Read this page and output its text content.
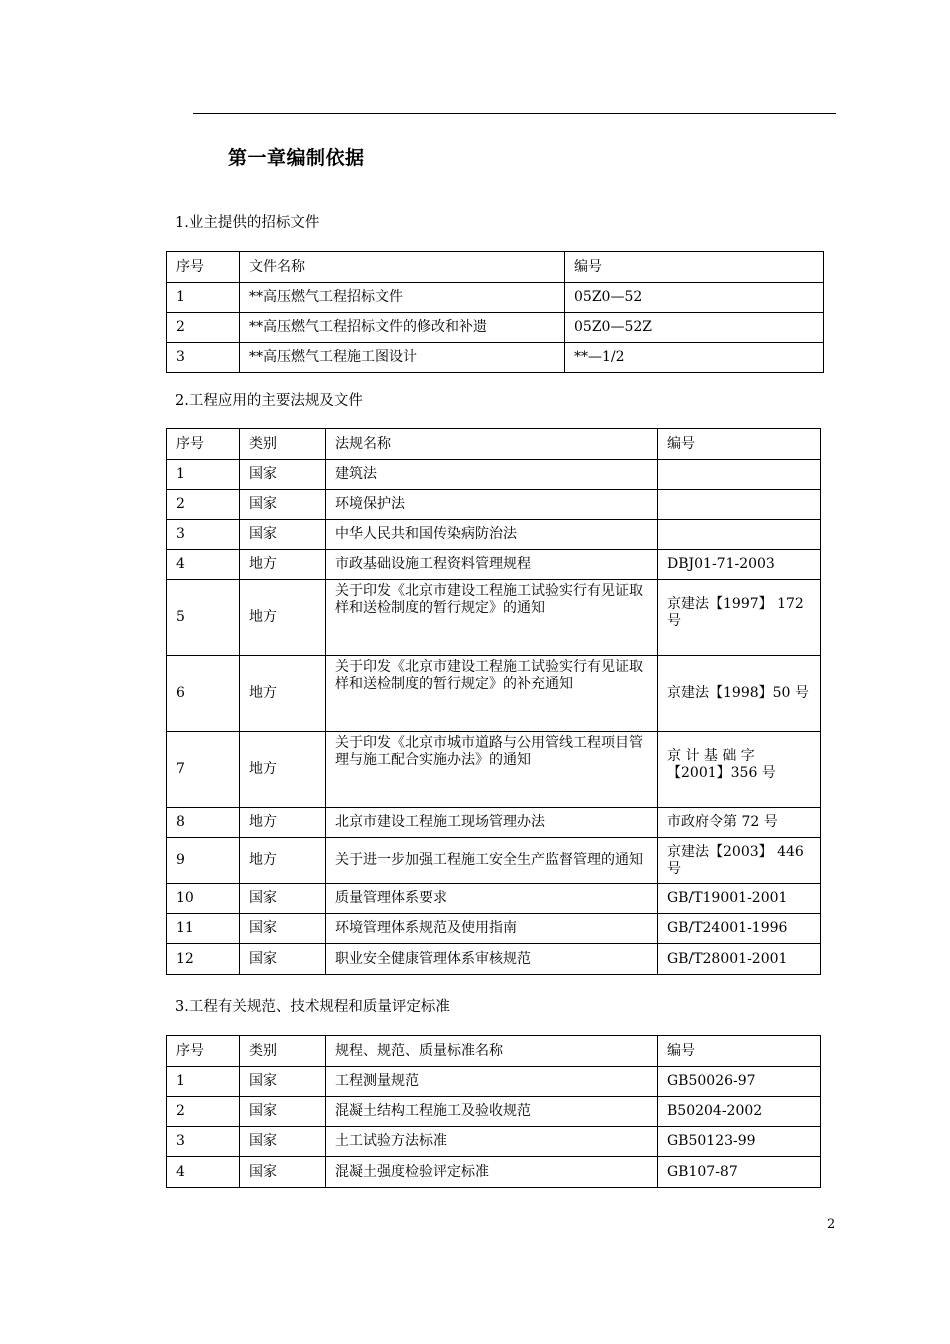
第一章编制依据
1.业主提供的招标文件
序号	文件名称	编号
1	**高压燃气工程招标文件	05Z0—52
2	**高压燃气工程招标文件的修改和补遗	05Z0—52Z
3	**高压燃气工程施工图设计	**—1/2
2.工程应用的主要法规及文件
序号	类别	法规名称	编号
1	国家	建筑法	
2	国家	环境保护法	
3	国家	中华人民共和国传染病防治法	
4	地方	市政基础设施工程资料管理规程	DBJ01-71-2003
5	地方	关于印发《北京市建设工程施工试验实行有见证取样和送检制度的暂行规定》的通知	京建法【1997】 172号
6	地方	关于印发《北京市建设工程施工试验实行有见证取样和送检制度的暂行规定》的补充通知	京建法【1998】50 号
7	地方	关于印发《北京市城市道路与公用管线工程项目管理与施工配合实施办法》的通知	京 计 基 础 字【2001】356 号
8	地方	北京市建设工程施工现场管理办法	市政府令第 72 号
9	地方	关于进一步加强工程施工安全生产监督管理的通知	京建法【2003】 446号
10	国家	质量管理体系要求	GB/T19001-2001
11	国家	环境管理体系规范及使用指南	GB/T24001-1996
12	国家	职业安全健康管理体系审核规范	GB/T28001-2001
3.工程有关规范、技术规程和质量评定标准
序号	类别	规程、规范、质量标准名称	编号
1	国家	工程测量规范	GB50026-97
2	国家	混凝土结构工程施工及验收规范	B50204-2002
3	国家	土工试验方法标准	GB50123-99
4	国家	混凝土强度检验评定标准	GB107-87
2
